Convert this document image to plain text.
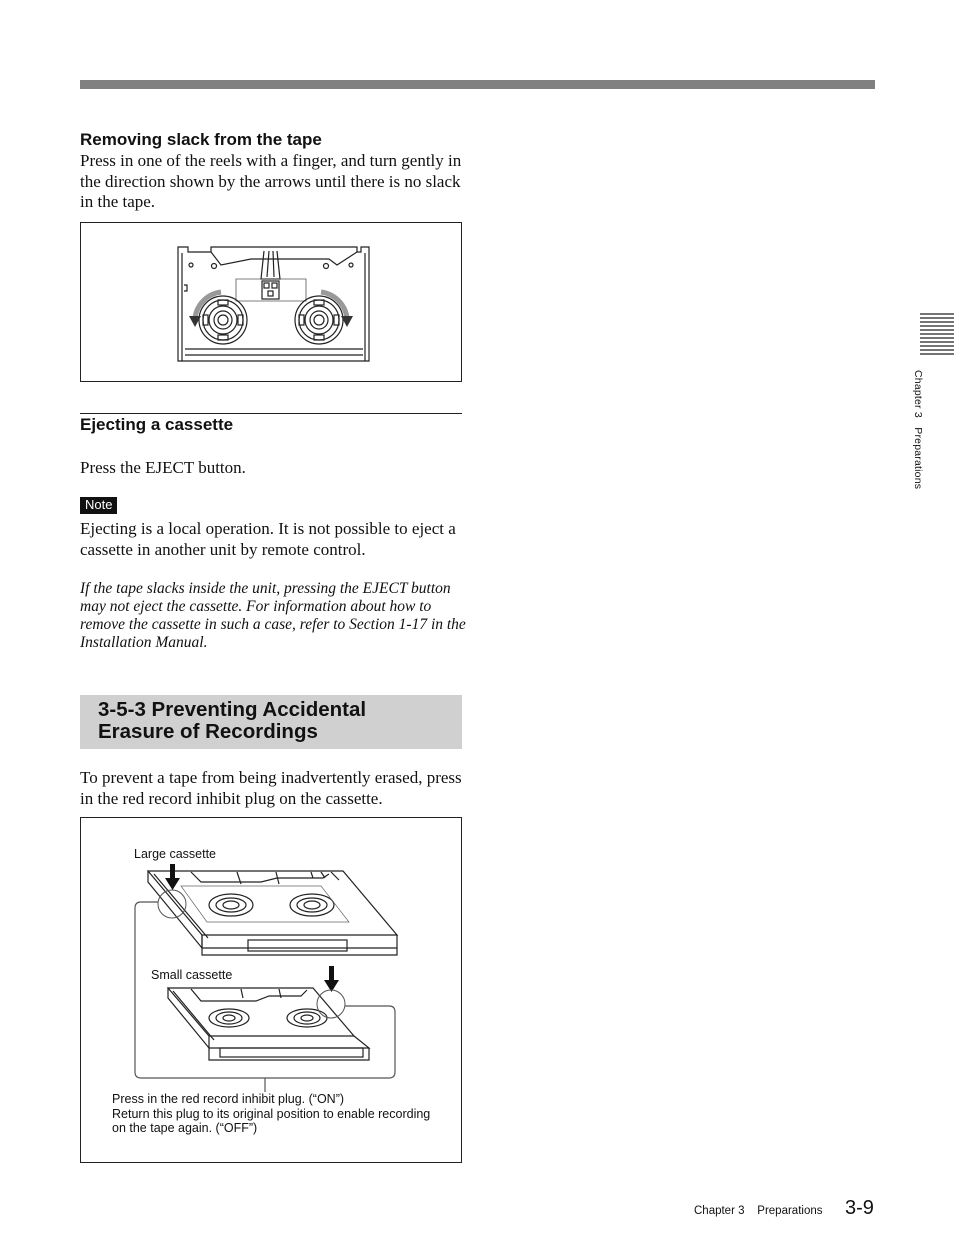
Removing slack from the tape
Press in one of the reels with a finger, and turn gently in the direction shown by the arrows until there is no slack in the tape.
Ejecting a cassette
Press the EJECT button.
Note
Ejecting is a local operation. It is not possible to eject a cassette in another unit by remote control.
If the tape slacks inside the unit, pressing the EJECT button may not eject the cassette. For information about how to remove the cassette in such a case, refer to Section 1-17 in the Installation Manual.
3-5-3 Preventing Accidental
Erasure of Recordings
To prevent a tape from being inadvertently erased, press in the red record inhibit plug on the cassette.
Large cassette
Small cassette
Press in the red record inhibit plug. (“ON”)
Return this plug to its original position to enable recording
on the tape again. (“OFF”)
Chapter 3   Preparations
Chapter 3    Preparations 3-9
